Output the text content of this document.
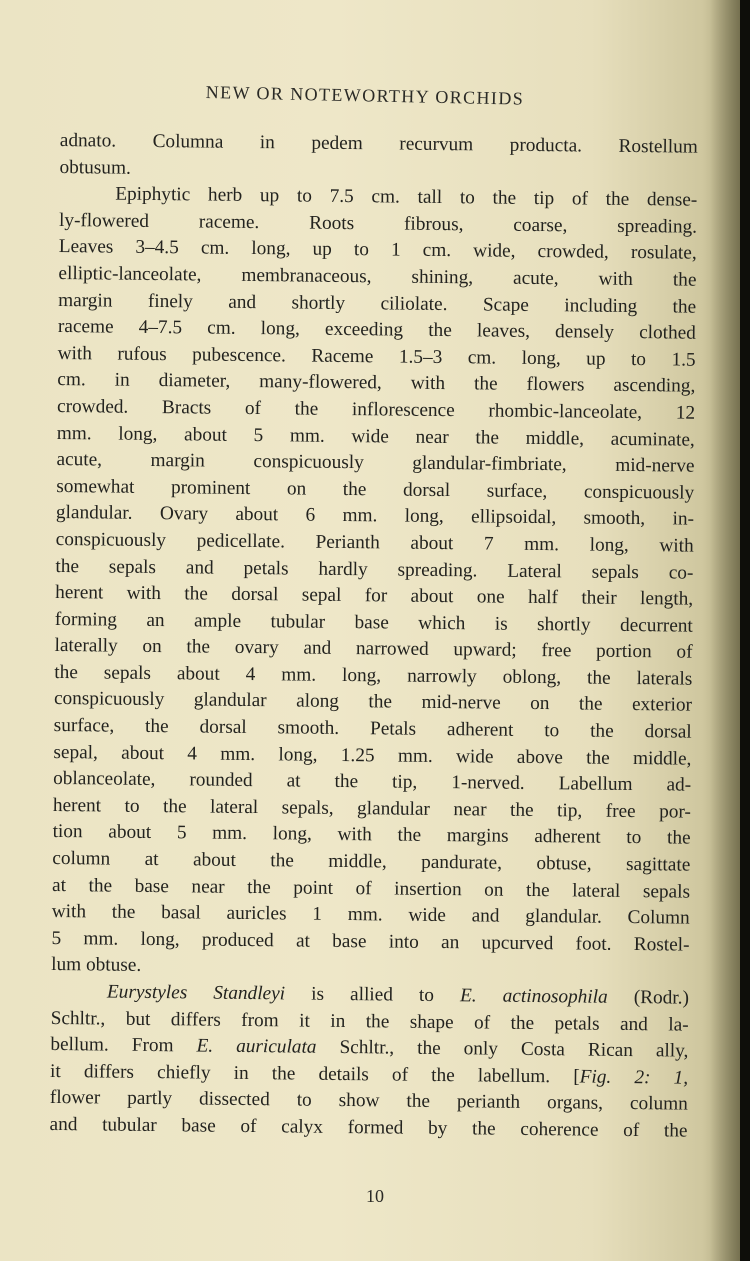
NEW OR NOTEWORTHY ORCHIDS
adnato. Columna in pedem recurvum producta. Rostellum
obtusum.
Epiphytic herb up to 7.5 cm. tall to the tip of the dense-
ly-flowered raceme. Roots fibrous, coarse, spreading.
Leaves 3–4.5 cm. long, up to 1 cm. wide, crowded, rosulate,
elliptic-lanceolate, membranaceous, shining, acute, with the
margin finely and shortly ciliolate. Scape including the
raceme 4–7.5 cm. long, exceeding the leaves, densely clothed
with rufous pubescence. Raceme 1.5–3 cm. long, up to 1.5
cm. in diameter, many-flowered, with the flowers ascending,
crowded. Bracts of the inflorescence rhombic-lanceolate, 12
mm. long, about 5 mm. wide near the middle, acuminate,
acute, margin conspicuously glandular-fimbriate, mid-nerve
somewhat prominent on the dorsal surface, conspicuously
glandular. Ovary about 6 mm. long, ellipsoidal, smooth, in-
conspicuously pedicellate. Perianth about 7 mm. long, with
the sepals and petals hardly spreading. Lateral sepals co-
herent with the dorsal sepal for about one half their length,
forming an ample tubular base which is shortly decurrent
laterally on the ovary and narrowed upward; free portion of
the sepals about 4 mm. long, narrowly oblong, the laterals
conspicuously glandular along the mid-nerve on the exterior
surface, the dorsal smooth. Petals adherent to the dorsal
sepal, about 4 mm. long, 1.25 mm. wide above the middle,
oblanceolate, rounded at the tip, 1-nerved. Labellum ad-
herent to the lateral sepals, glandular near the tip, free por-
tion about 5 mm. long, with the margins adherent to the
column at about the middle, pandurate, obtuse, sagittate
at the base near the point of insertion on the lateral sepals
with the basal auricles 1 mm. wide and glandular. Column
5 mm. long, produced at base into an upcurved foot. Rostel-
lum obtuse.
Eurystyles Standleyi is allied to E. actinosophila (Rodr.)
Schltr., but differs from it in the shape of the petals and la-
bellum. From E. auriculata Schltr., the only Costa Rican ally,
it differs chiefly in the details of the labellum. [Fig. 2: 1,
flower partly dissected to show the perianth organs, column
and tubular base of calyx formed by the coherence of the
10
